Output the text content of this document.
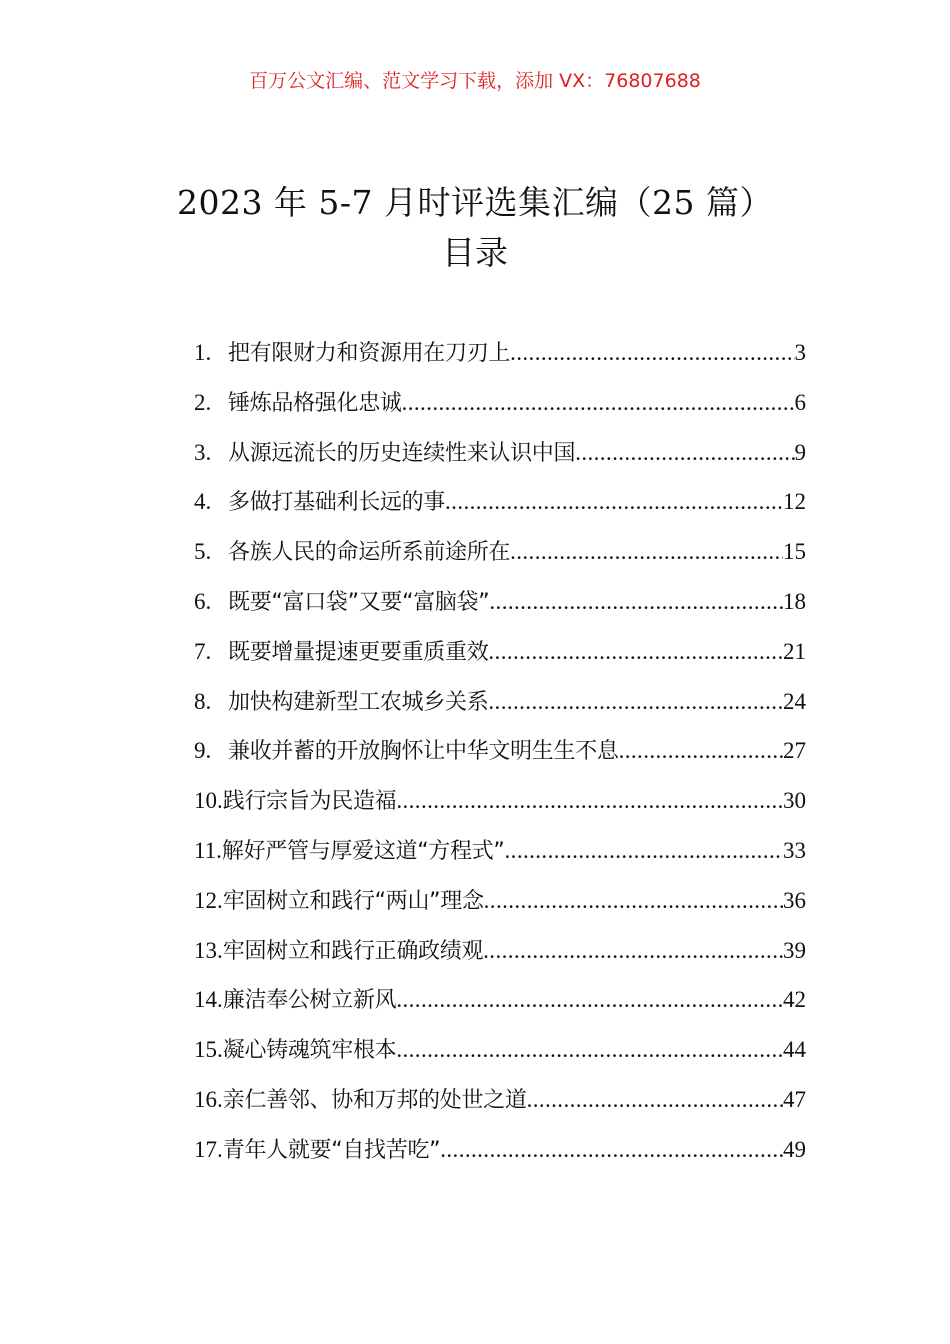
百万公文汇编、范文学习下载，添加 VX：76807688
2023 年 5-7 月时评选集汇编（25 篇）
目录
1. 把有限财力和资源用在刀刃上 .....	3
2. 锤炼品格强化忠诚 .....	6
3. 从源远流长的历史连续性来认识中国 .....	9
4. 多做打基础利长远的事 .....	12
5. 各族人民的命运所系前途所在 .....	15
6. 既要“富口袋”又要“富脑袋” .....	18
7. 既要增量提速更要重质重效 .....	21
8. 加快构建新型工农城乡关系 .....	24
9. 兼收并蓄的开放胸怀让中华文明生生不息 .....	27
10. 践行宗旨为民造福 .....	30
11. 解好严管与厚爱这道“方程式” .....	33
12. 牢固树立和践行“两山”理念 .....	36
13. 牢固树立和践行正确政绩观 .....	39
14. 廉洁奉公树立新风 .....	42
15. 凝心铸魂筑牢根本 .....	44
16. 亲仁善邻、协和万邦的处世之道 .....	47
17. 青年人就要“自找苦吃” .....	49
